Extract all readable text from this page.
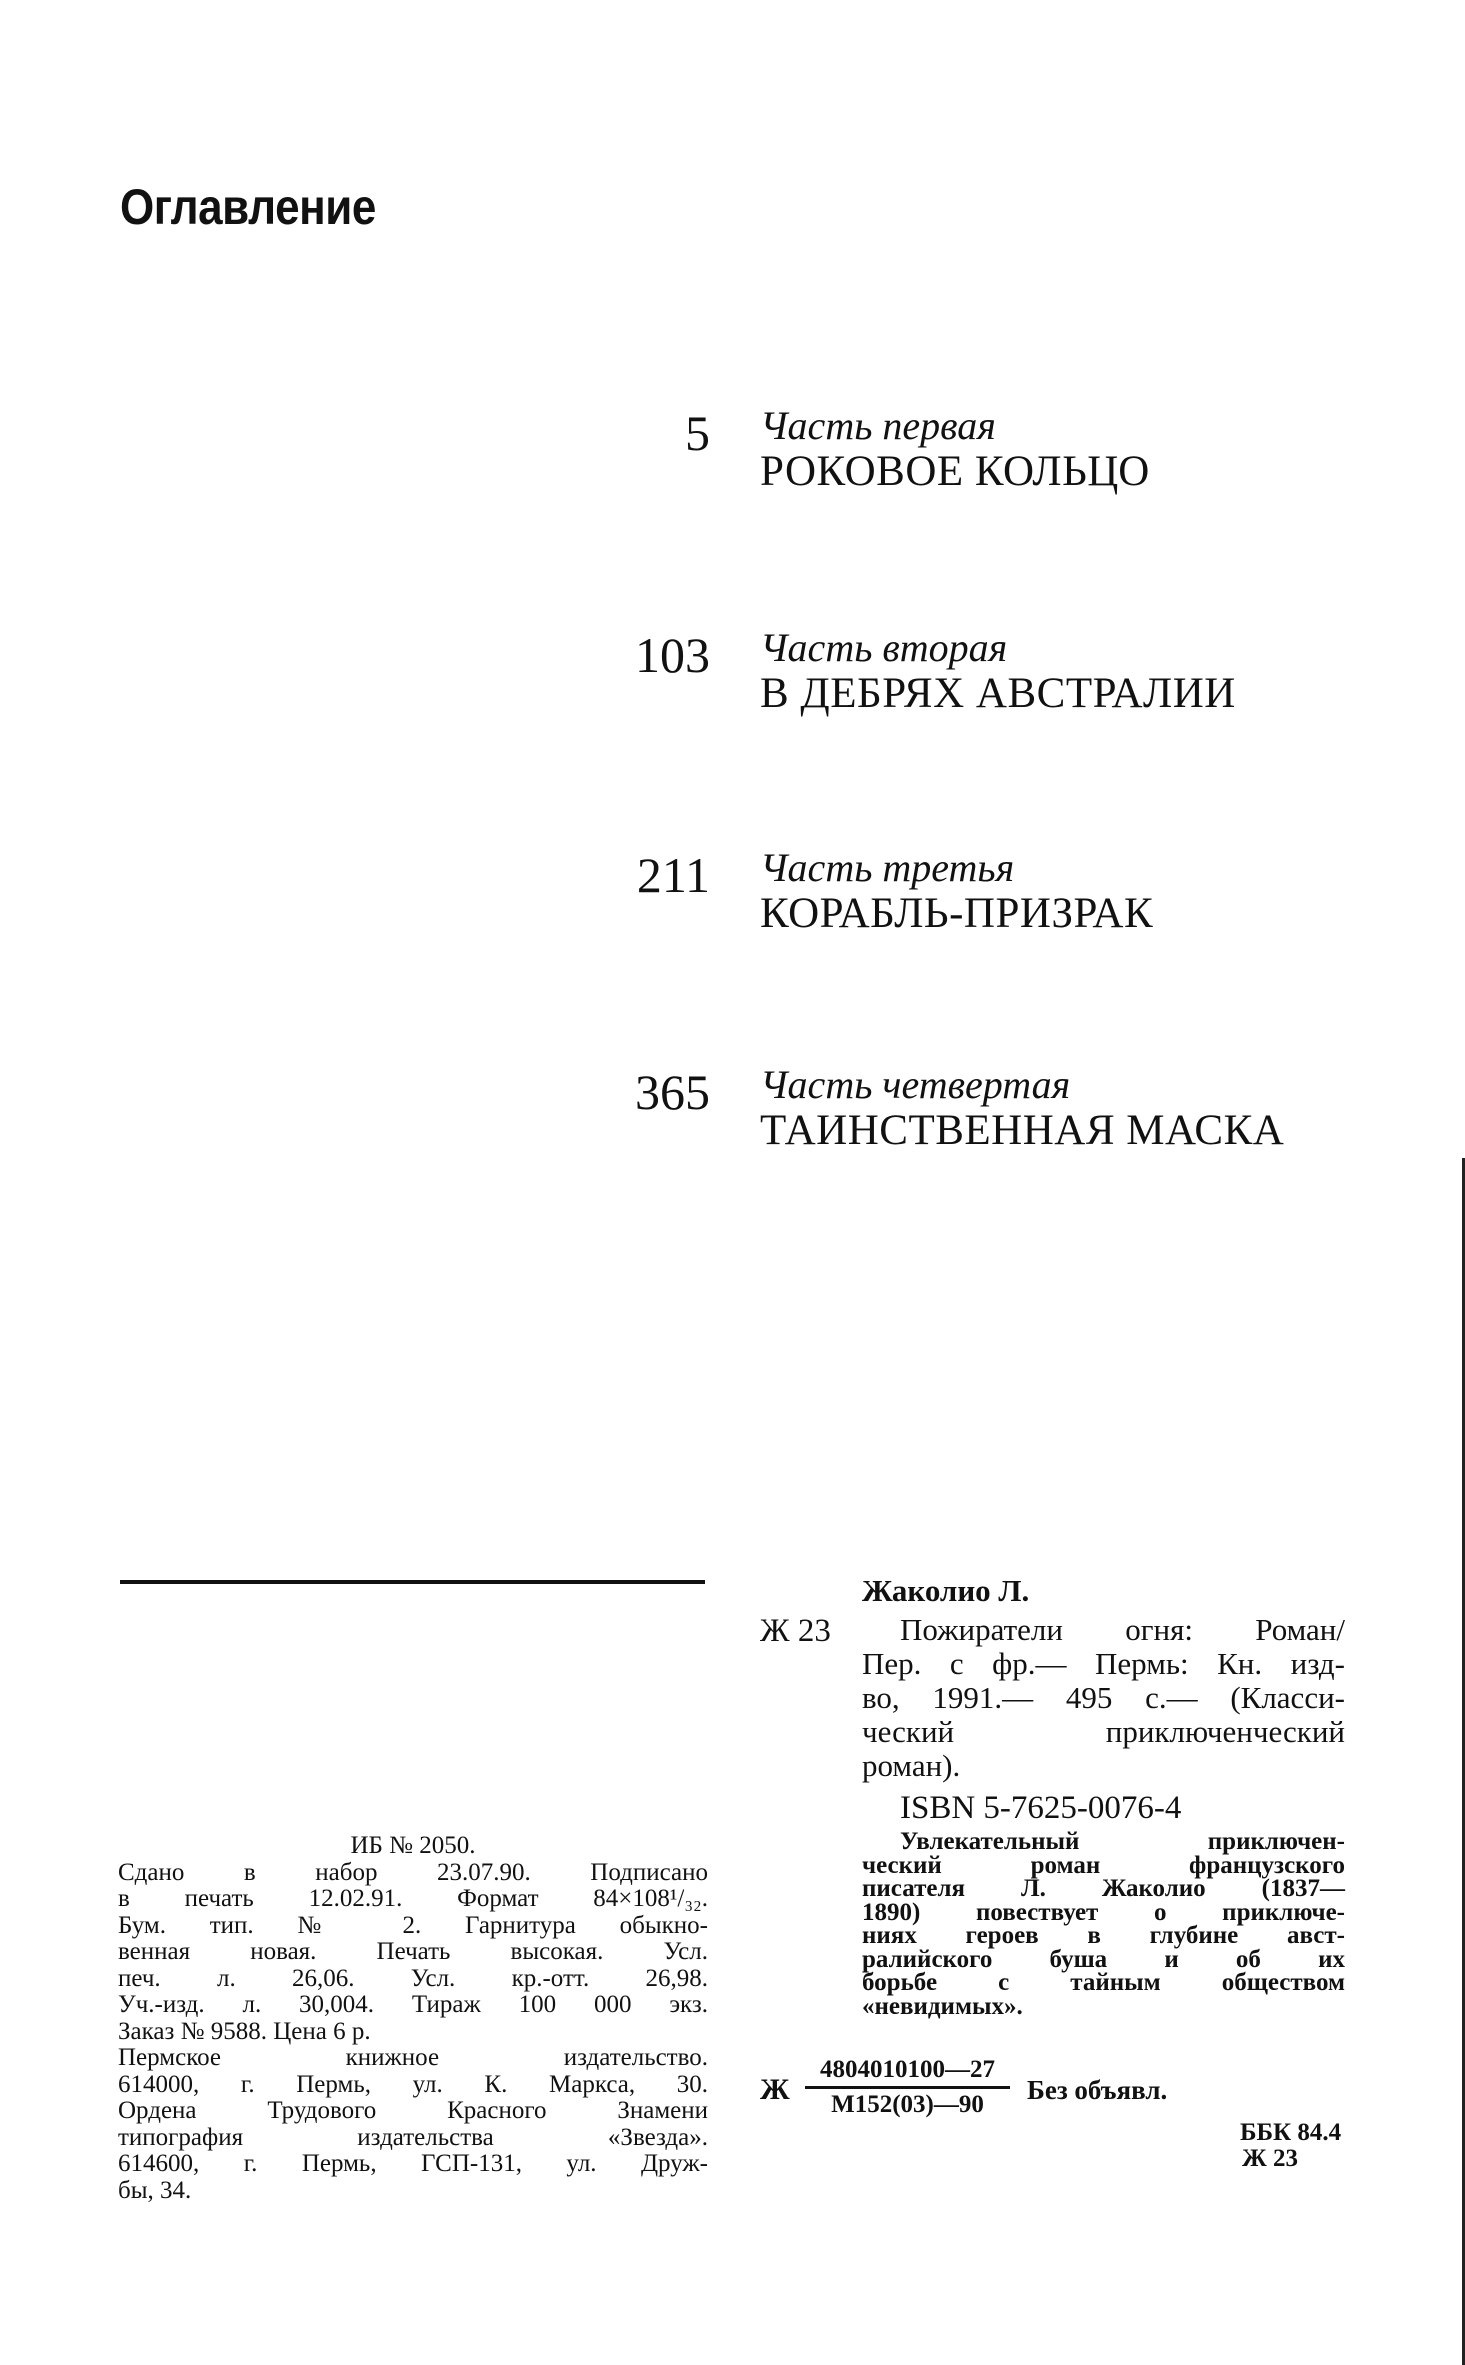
Оглавление
5 Часть первая
РОКОВОЕ КОЛЬЦО
103 Часть вторая
В ДЕБРЯХ АВСТРАЛИИ
211 Часть третья
КОРАБЛЬ-ПРИЗРАК
365 Часть четвертая
ТАИНСТВЕННАЯ МАСКА
ИБ № 2050.
Сдано в набор 23.07.90. Подписано
в печать 12.02.91. Формат 84×108¹/₃₂.
Бум. тип. № 2. Гарнитура обыкно-
венная новая. Печать высокая. Усл.
печ. л. 26,06. Усл. кр.-отт. 26,98.
Уч.-изд. л. 30,004. Тираж 100 000 экз.
Заказ № 9588. Цена 6 р.
Пермское книжное издательство.
614000, г. Пермь, ул. К. Маркса, 30.
Ордена Трудового Красного Знамени
типография издательства «Звезда».
614600, г. Пермь, ГСП-131, ул. Друж-
бы, 34.
Жаколио Л.
Ж 23	Пожиратели огня: Роман/
Пер. с фр.— Пермь: Кн. изд-
во, 1991.— 495 с.— (Класси-
ческий приключенческий
роман).
ISBN 5-7625-0076-4
Увлекательный приключен-
ческий роман французского
писателя Л. Жаколио (1837—
1890) повествует о приключе-
ниях героев в глубине авст-
ралийского буша и об их
борьбе с тайным обществом
«невидимых».
Ж
4804010100—27
М152(03)—90	Без объявл.
ББК 84.4
Ж 23
